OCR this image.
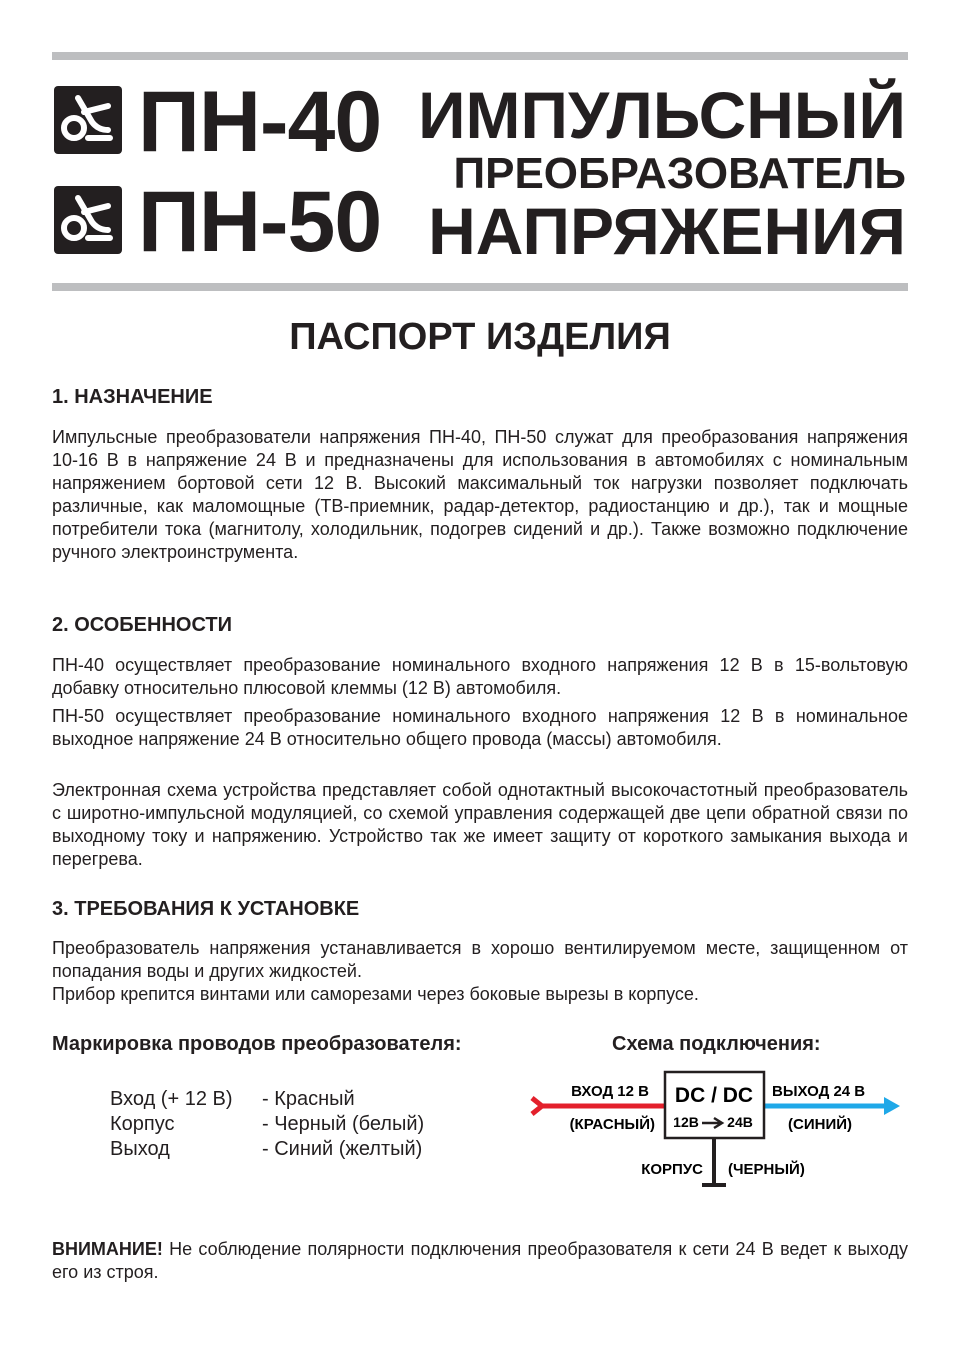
ПН-40
ПН-50
ИМПУЛЬСНЫЙ
ПРЕОБРАЗОВАТЕЛЬ
НАПРЯЖЕНИЯ
ПАСПОРТ ИЗДЕЛИЯ
1. НАЗНАЧЕНИЕ

Импульсные преобразователи напряжения ПН-40, ПН-50 служат для преобразования напряжения 10-16 В в напряжение 24 В и предназначены для использования в автомобилях с номинальным напряжением бортовой сети 12 В. Высокий максимальный ток нагрузки позволяет подключать различные, как маломощные (ТВ-приемник, радар-детектор, радиостанцию и др.), так и мощные потребители тока (магнитолу, холодильник, подогрев сидений и др.). Также возможно подключение ручного электроинструмента.

2. ОСОБЕННОСТИ

ПН-40 осуществляет преобразование номинального входного напряжения 12 В в 15-вольтовую добавку относительно плюсовой клеммы (12 В) автомобиля.

ПН-50 осуществляет преобразование номинального входного напряжения 12 В в номинальное выходное напряжение 24 В относительно общего провода (массы) автомобиля.

Электронная схема устройства представляет собой однотактный высокочастотный преобразователь с широтно-импульсной модуляцией, со схемой управления содержащей две цепи обратной связи по выходному току и напряжению. Устройство так же имеет защиту от короткого замыкания выхода и перегрева.

3. ТРЕБОВАНИЯ К УСТАНОВКЕ

Преобразователь напряжения устанавливается в хорошо вентилируемом месте, защищенном от попадания воды и других жидкостей.

Прибор крепится винтами или саморезами через боковые вырезы в корпусе.

Маркировка проводов преобразователя:

Вход (+ 12 В) - Красный
Корпус	- Черный (белый)
Выход	- Синий (желтый)

Схема подключения:

DC / DC
12В 24В
ВХОД 12 В
(КРАСНЫЙ)
ВЫХОД 24 В
(СИНИЙ)
КОРПУС (ЧЕРНЫЙ)

ВНИМАНИЕ! Не соблюдение полярности подключения преобразователя к сети 24 В ведет к выходу его из строя.
